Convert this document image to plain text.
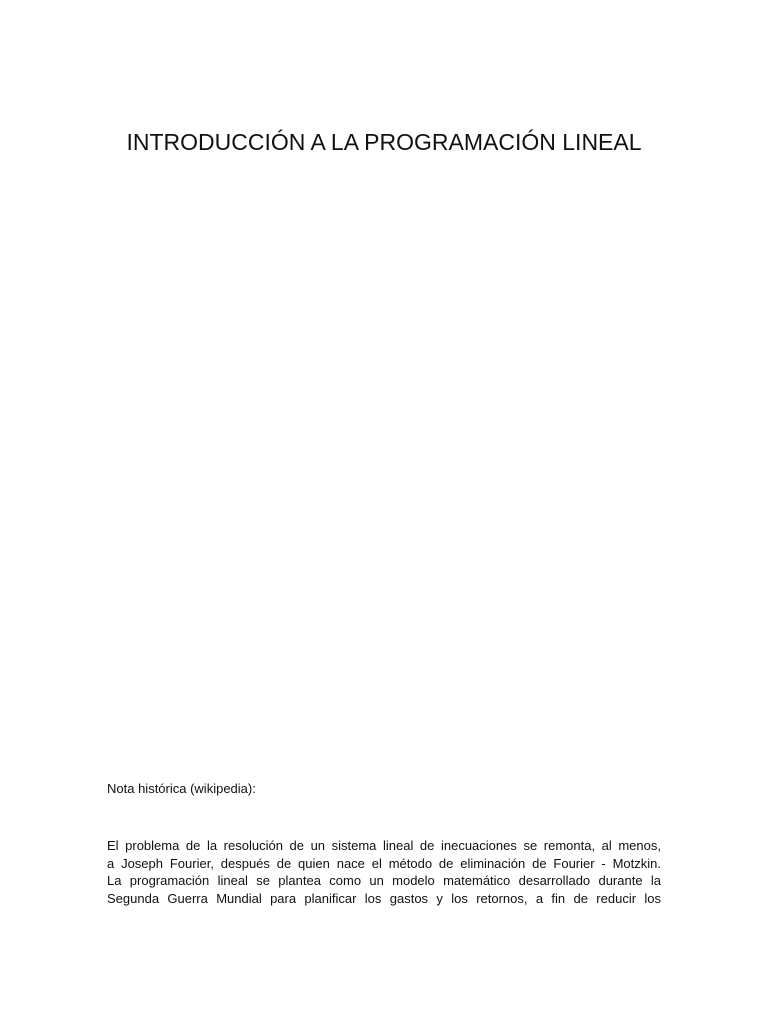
INTRODUCCIÓN A LA PROGRAMACIÓN LINEAL

Nota histórica (wikipedia):

El problema de la resolución de un sistema lineal de inecuaciones se remonta, al menos,
a Joseph Fourier, después de quien nace el método de eliminación de Fourier - Motzkin.
La programación lineal se plantea como un modelo matemático desarrollado durante la
Segunda Guerra Mundial para planificar los gastos y los retornos, a fin de reducir los
